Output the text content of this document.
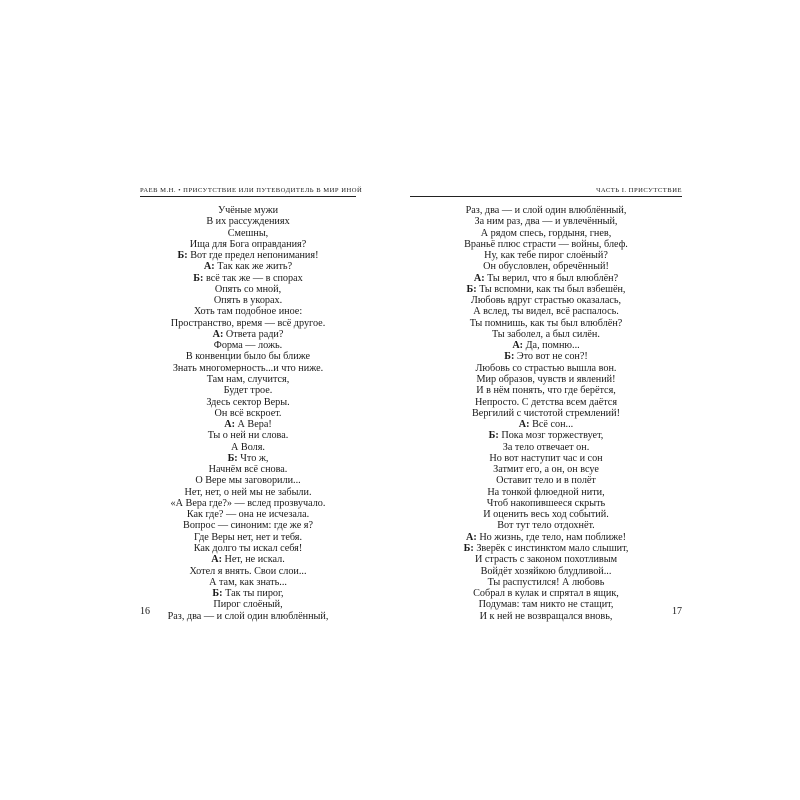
РАЕВ М.Н. • ПРИСУТСТВИЕ ИЛИ ПУТЕВОДИТЕЛЬ В МИР ИНОЙ
Учёные мужи
В их рассуждениях
Смешны,
Ища для Бога оправдания?
Б: Вот где предел непонимания!
А: Так как же жить?
Б: всё так же — в спорах
Опять со мной,
Опять в укорах.
Хоть там подобное иное:
Пространство, время — всё другое.
А: Ответа ради?
Форма — ложь.
В конвенции было бы ближе
Знать многомерность...и что ниже.
Там нам, случится,
Будет трое.
Здесь сектор Веры.
Он всё вскроет.
А: А Вера!
Ты о ней ни слова.
А Воля.
Б: Что ж,
Начнём всё снова.
О Вере мы заговорили...
Нет, нет, о ней мы не забыли.
«А Вера где?» — вслед прозвучало.
Как где? — она не исчезала.
Вопрос — синоним: где же я?
Где Веры нет, нет и тебя.
Как долго ты искал себя!
А: Нет, не искал.
Хотел я внять. Свои слои...
А там, как знать...
Б: Так ты пирог,
Пирог слоёный,
Раз, два — и слой один влюблённый,
16
ЧАСТЬ I. ПРИСУТСТВИЕ
Раз, два — и слой один влюблённый,
За ним раз, два — и увлечённый,
А рядом спесь, гордыня, гнев,
Враньё плюс страсти — войны, блеф.
Ну, как тебе пирог слоёный?
Он обусловлен, обречённый!
А: Ты верил, что я был влюблён?
Б: Ты вспомни, как ты был взбешён,
Любовь вдруг страстью оказалась,
А вслед, ты видел, всё распалось.
Ты помнишь, как ты был влюблён?
Ты заболел, а был силён.
А: Да, помню...
Б: Это вот не сон?!
Любовь со страстью вышла вон.
Мир образов, чувств и явлений!
И в нём понять, что где берётся,
Непросто. С детства всем даётся
Вергилий с чистотой стремлений!
А: Всё сон...
Б: Пока мозг торжествует,
За тело отвечает он.
Но вот наступит час и сон
Затмит его, а он, он всуе
Оставит тело и в полёт
На тонкой флюедной нити,
Чтоб накопившееся скрыть
И оценить весь ход событий.
Вот тут тело отдохнёт.
А: Но жизнь, где тело, нам поближе!
Б: Зверёк с инстинктом мало слышит,
И страсть с законом похотливым
Войдёт хозяйкою блудливой...
Ты распустился! А любовь
Собрал в кулак и спрятал в ящик,
Подумав: там никто не стащит,
И к ней не возвращался вновь,	17
